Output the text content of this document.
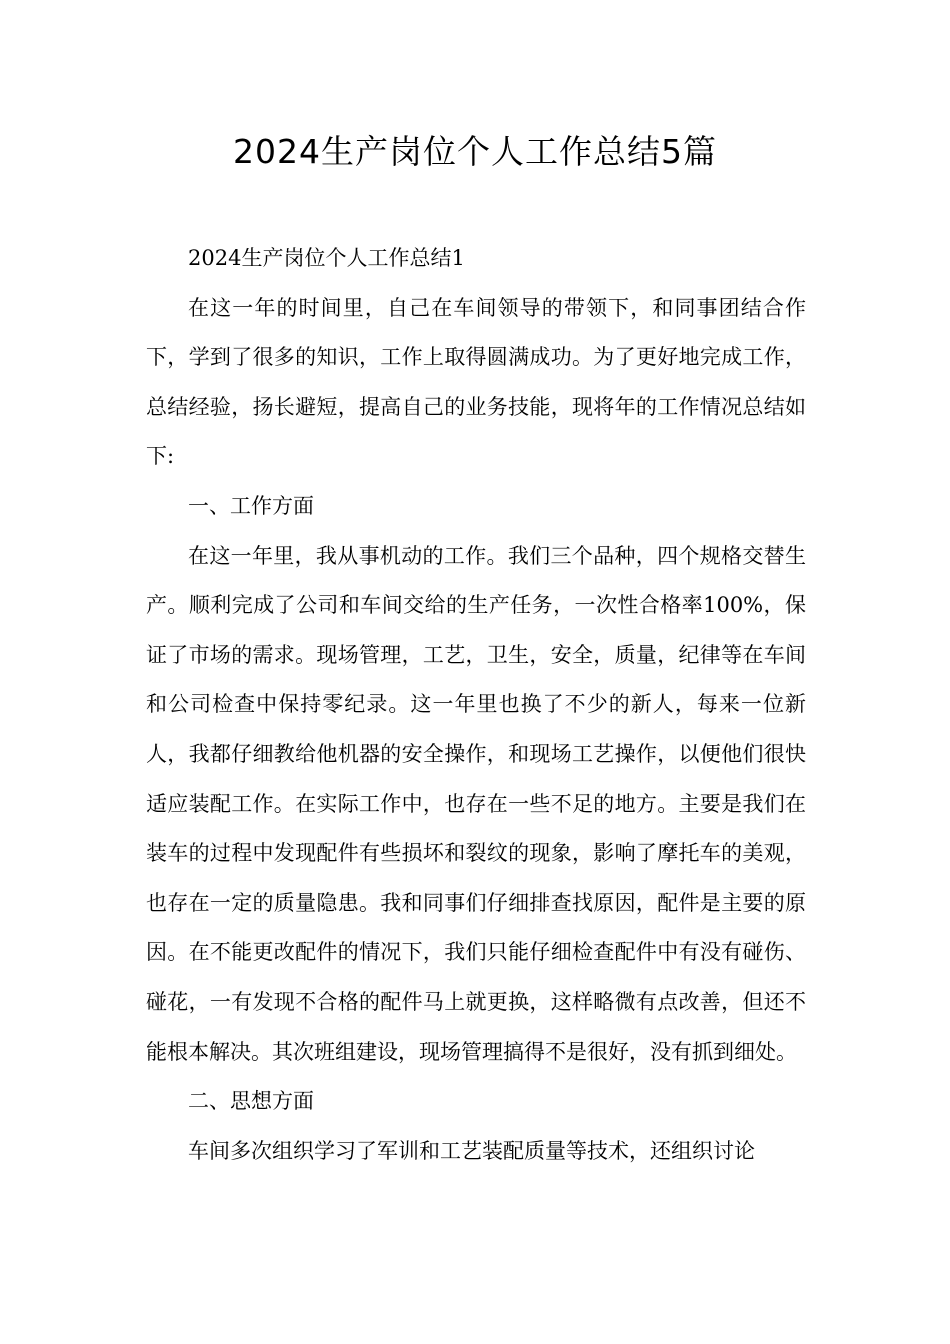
2024生产岗位个人工作总结5篇

2024生产岗位个人工作总结1

在这一年的时间里，自己在车间领导的带领下，和同事团结合作下，学到了很多的知识，工作上取得圆满成功。为了更好地完成工作，总结经验，扬长避短，提高自己的业务技能，现将年的工作情况总结如下:

一、工作方面

在这一年里，我从事机动的工作。我们三个品种，四个规格交替生产。顺利完成了公司和车间交给的生产任务，一次性合格率100%，保证了市场的需求。现场管理，工艺，卫生，安全，质量，纪律等在车间和公司检查中保持零纪录。这一年里也换了不少的新人，每来一位新人，我都仔细教给他机器的安全操作，和现场工艺操作，以便他们很快适应装配工作。在实际工作中，也存在一些不足的地方。主要是我们在装车的过程中发现配件有些损坏和裂纹的现象，影响了摩托车的美观，也存在一定的质量隐患。我和同事们仔细排查找原因，配件是主要的原因。在不能更改配件的情况下，我们只能仔细检查配件中有没有碰伤、碰花，一有发现不合格的配件马上就更换，这样略微有点改善，但还不能根本解决。其次班组建设，现场管理搞得不是很好，没有抓到细处。

二、思想方面

车间多次组织学习了军训和工艺装配质量等技术，还组织讨论
